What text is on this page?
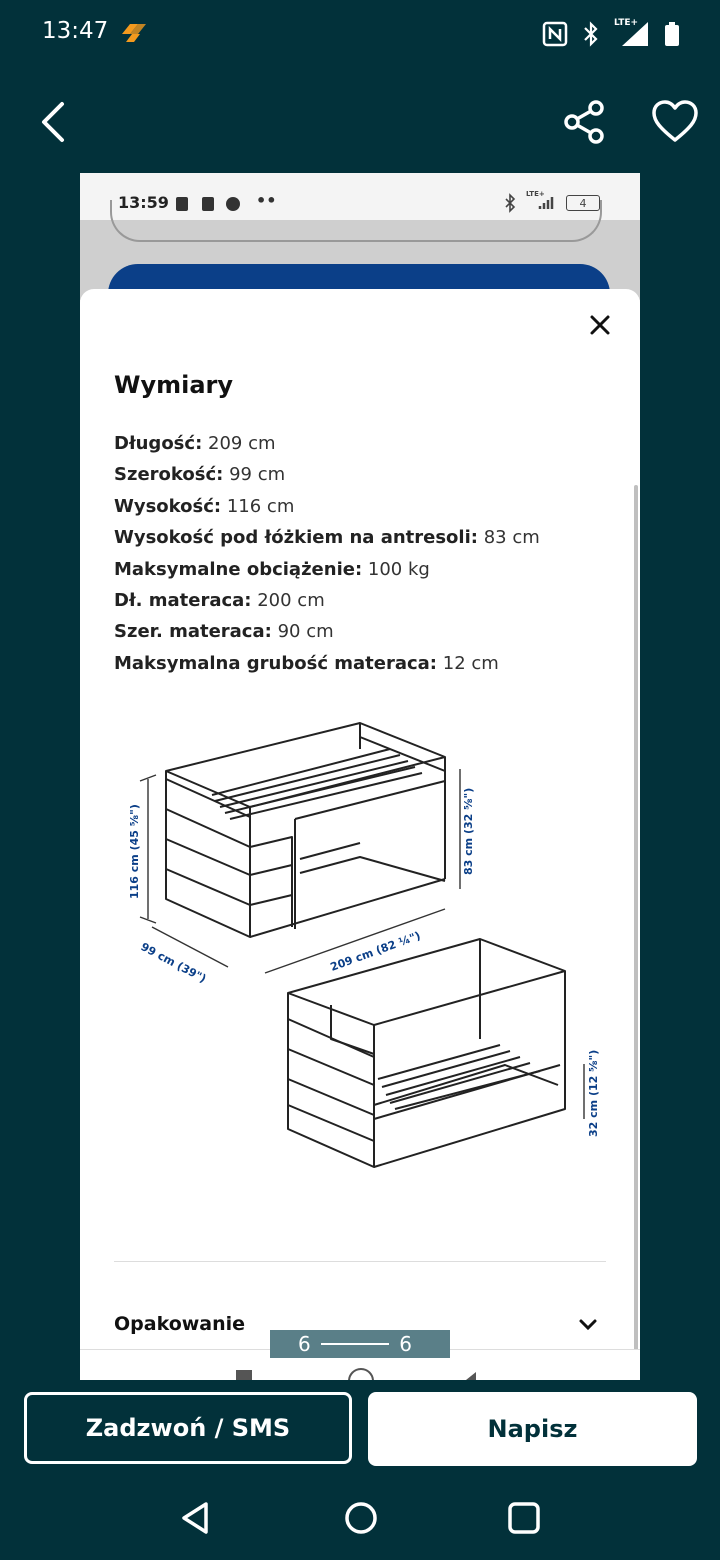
13:47	LTE+
13:59	••	LTE+
4
Wymiary
Długość: 209 cm
Szerokość: 99 cm
Wysokość: 116 cm
Wysokość pod łóżkiem na antresoli: 83 cm
Maksymalne obciążenie: 100 kg
Dł. materaca: 200 cm
Szer. materaca: 90 cm
Maksymalna grubość materaca: 12 cm
116 cm (45 ⅝")
99 cm (39")	209 cm (82 ¼")
83 cm (32 ⅝")
32 cm (12 ⅝")
Opakowanie
6	6
Zadzwoń / SMS	Napisz
